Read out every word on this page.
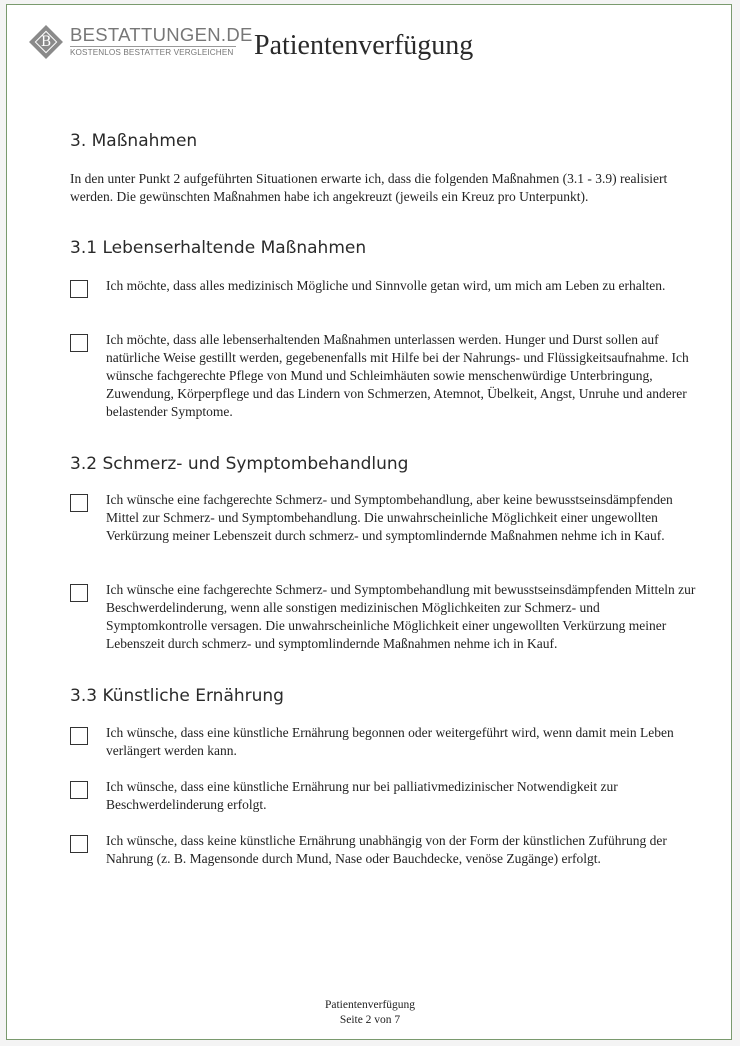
B BESTATTUNGEN.DE
KOSTENLOS BESTATTER VERGLEICHEN Patientenverfügung
3. Maßnahmen

In den unter Punkt 2 aufgeführten Situationen erwarte ich, dass die folgenden Maßnahmen (3.1 - 3.9) realisiert werden. Die gewünschten Maßnahmen habe ich angekreuzt (jeweils ein Kreuz pro Unterpunkt).

3.1 Lebenserhaltende Maßnahmen

Ich möchte, dass alles medizinisch Mögliche und Sinnvolle getan wird, um mich am Leben zu erhalten.

Ich möchte, dass alle lebenserhaltenden Maßnahmen unterlassen werden. Hunger und Durst sollen auf natürliche Weise gestillt werden, gegebenenfalls mit Hilfe bei der Nahrungs- und Flüssigkeitsaufnahme. Ich wünsche fachgerechte Pflege von Mund und Schleimhäuten sowie menschenwürdige Unterbringung, Zuwendung, Körperpflege und das Lindern von Schmerzen, Atemnot, Übelkeit, Angst, Unruhe und anderer belastender Symptome.

3.2 Schmerz- und Symptombehandlung

Ich wünsche eine fachgerechte Schmerz- und Symptombehandlung, aber keine bewusstseinsdämpfenden Mittel zur Schmerz- und Symptombehandlung. Die unwahrscheinliche Möglichkeit einer ungewollten Verkürzung meiner Lebenszeit durch schmerz- und symptomlindernde Maßnahmen nehme ich in Kauf.

Ich wünsche eine fachgerechte Schmerz- und Symptombehandlung mit bewusstseinsdämpfenden Mitteln zur Beschwerdelinderung, wenn alle sonstigen medizinischen Möglichkeiten zur Schmerz- und Symptomkontrolle versagen. Die unwahrscheinliche Möglichkeit einer ungewollten Verkürzung meiner Lebenszeit durch schmerz- und symptomlindernde Maßnahmen nehme ich in Kauf.

3.3 Künstliche Ernährung

Ich wünsche, dass eine künstliche Ernährung begonnen oder weitergeführt wird, wenn damit mein Leben verlängert werden kann.

Ich wünsche, dass eine künstliche Ernährung nur bei palliativmedizinischer Notwendigkeit zur Beschwerdelinderung erfolgt.

Ich wünsche, dass keine künstliche Ernährung unabhängig von der Form der künstlichen Zuführung der Nahrung (z. B. Magensonde durch Mund, Nase oder Bauchdecke, venöse Zugänge) erfolgt.

Patientenverfügung
Seite 2 von 7
